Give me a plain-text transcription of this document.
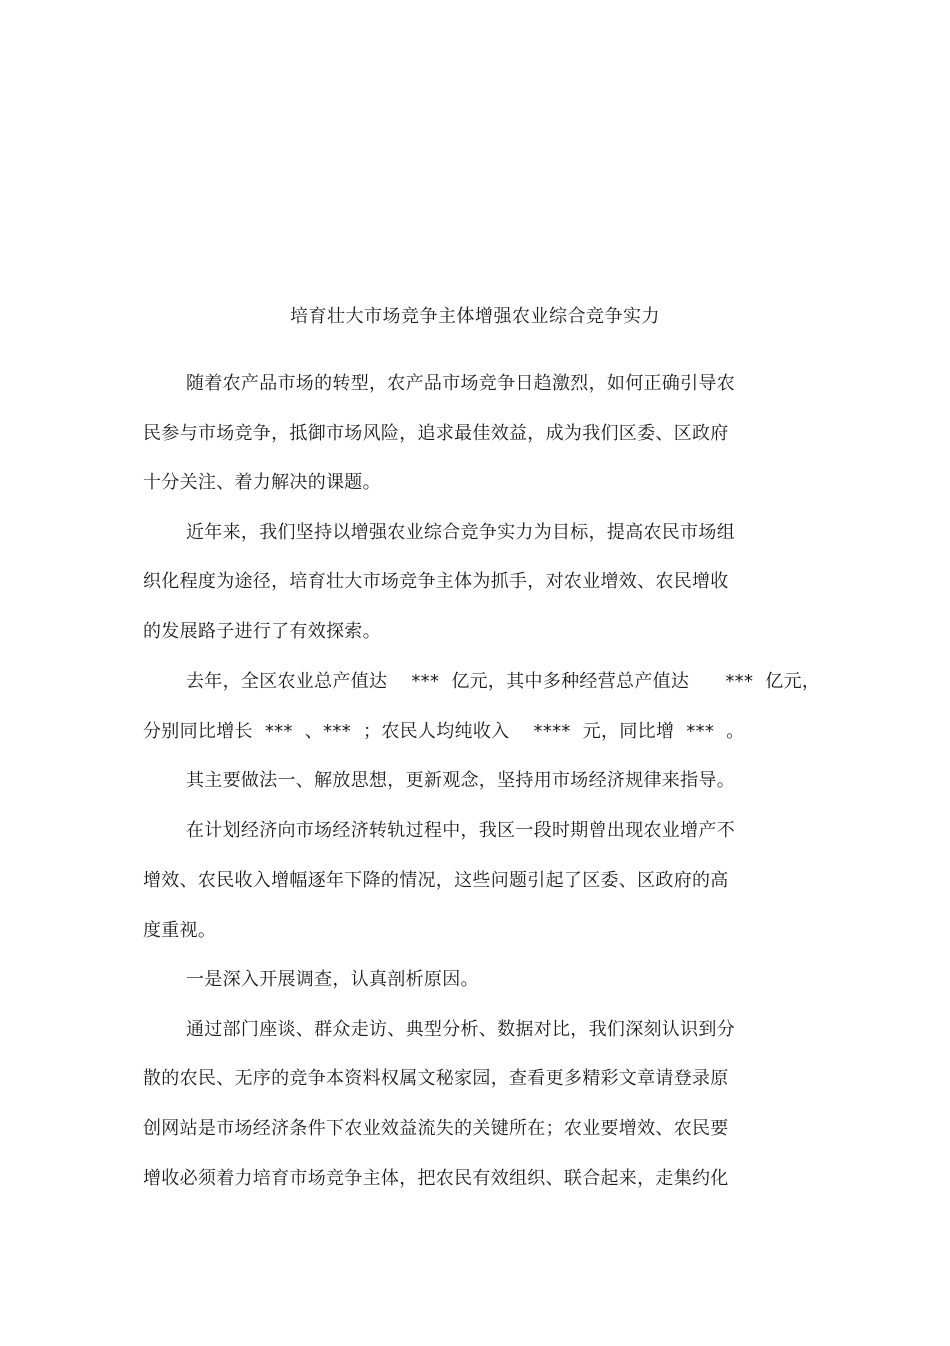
培育壮大市场竞争主体增强农业综合竞争实力
随着农产品市场的转型，农产品市场竞争日趋激烈，如何正确引导农
民参与市场竞争，抵御市场风险，追求最佳效益，成为我们区委、区政府
十分关注、着力解决的课题。
近年来，我们坚持以增强农业综合竞争实力为目标，提高农民市场组
织化程度为途径，培育壮大市场竞争主体为抓手，对农业增效、农民增收
的发展路子进行了有效探索。
去年，全区农业总产值达    ***  亿元，其中多种经营总产值达      ***  亿元，
分别同比增长  ***  、***  ；农民人均纯收入    ****  元，同比增  ***  。
其主要做法一、解放思想，更新观念，坚持用市场经济规律来指导。
在计划经济向市场经济转轨过程中，我区一段时期曾出现农业增产不
增效、农民收入增幅逐年下降的情况，这些问题引起了区委、区政府的高
度重视。
一是深入开展调查，认真剖析原因。
通过部门座谈、群众走访、典型分析、数据对比，我们深刻认识到分
散的农民、无序的竞争本资料权属文秘家园，查看更多精彩文章请登录原
创网站是市场经济条件下农业效益流失的关键所在；农业要增效、农民要
增收必须着力培育市场竞争主体，把农民有效组织、联合起来，走集约化
